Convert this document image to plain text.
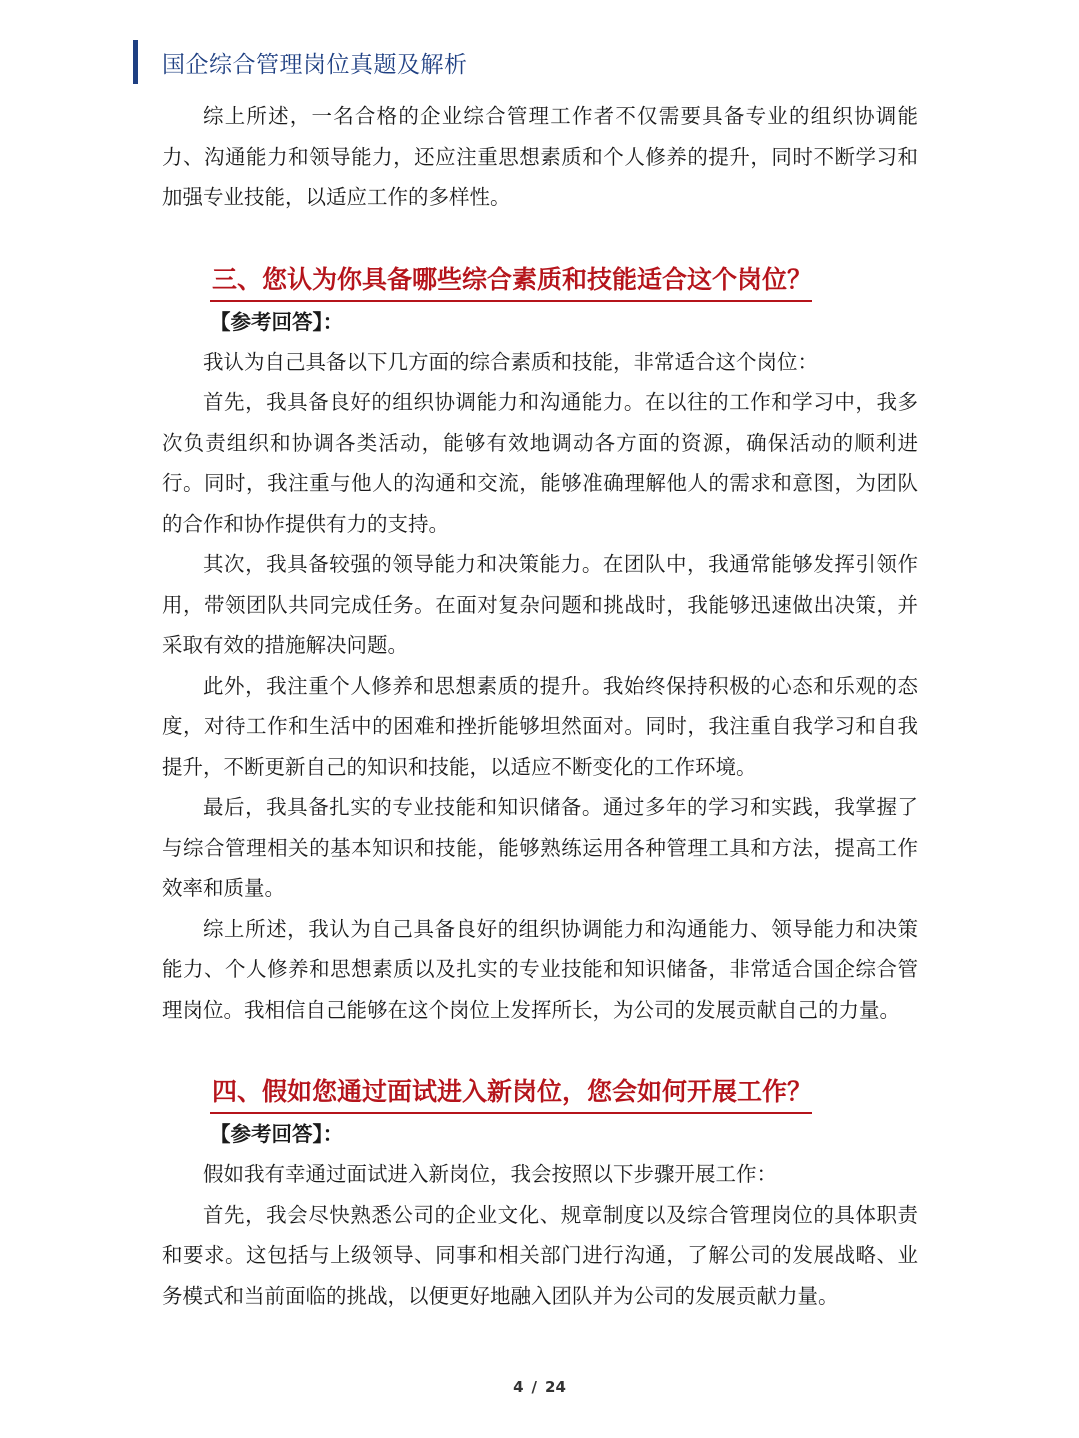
国企综合管理岗位真题及解析

综上所述，一名合格的企业综合管理工作者不仅需要具备专业的组织协调能力、沟通能力和领导能力，还应注重思想素质和个人修养的提升，同时不断学习和加强专业技能，以适应工作的多样性。

三、您认为你具备哪些综合素质和技能适合这个岗位？

【参考回答】：

我认为自己具备以下几方面的综合素质和技能，非常适合这个岗位：

首先，我具备良好的组织协调能力和沟通能力。在以往的工作和学习中，我多次负责组织和协调各类活动，能够有效地调动各方面的资源，确保活动的顺利进行。同时，我注重与他人的沟通和交流，能够准确理解他人的需求和意图，为团队的合作和协作提供有力的支持。

其次，我具备较强的领导能力和决策能力。在团队中，我通常能够发挥引领作用，带领团队共同完成任务。在面对复杂问题和挑战时，我能够迅速做出决策，并采取有效的措施解决问题。

此外，我注重个人修养和思想素质的提升。我始终保持积极的心态和乐观的态度，对待工作和生活中的困难和挫折能够坦然面对。同时，我注重自我学习和自我提升，不断更新自己的知识和技能，以适应不断变化的工作环境。

最后，我具备扎实的专业技能和知识储备。通过多年的学习和实践，我掌握了与综合管理相关的基本知识和技能，能够熟练运用各种管理工具和方法，提高工作效率和质量。

综上所述，我认为自己具备良好的组织协调能力和沟通能力、领导能力和决策能力、个人修养和思想素质以及扎实的专业技能和知识储备，非常适合国企综合管理岗位。我相信自己能够在这个岗位上发挥所长，为公司的发展贡献自己的力量。

四、假如您通过面试进入新岗位，您会如何开展工作？

【参考回答】：

假如我有幸通过面试进入新岗位，我会按照以下步骤开展工作：

首先，我会尽快熟悉公司的企业文化、规章制度以及综合管理岗位的具体职责和要求。这包括与上级领导、同事和相关部门进行沟通，了解公司的发展战略、业务模式和当前面临的挑战，以便更好地融入团队并为公司的发展贡献力量。

4 / 24
